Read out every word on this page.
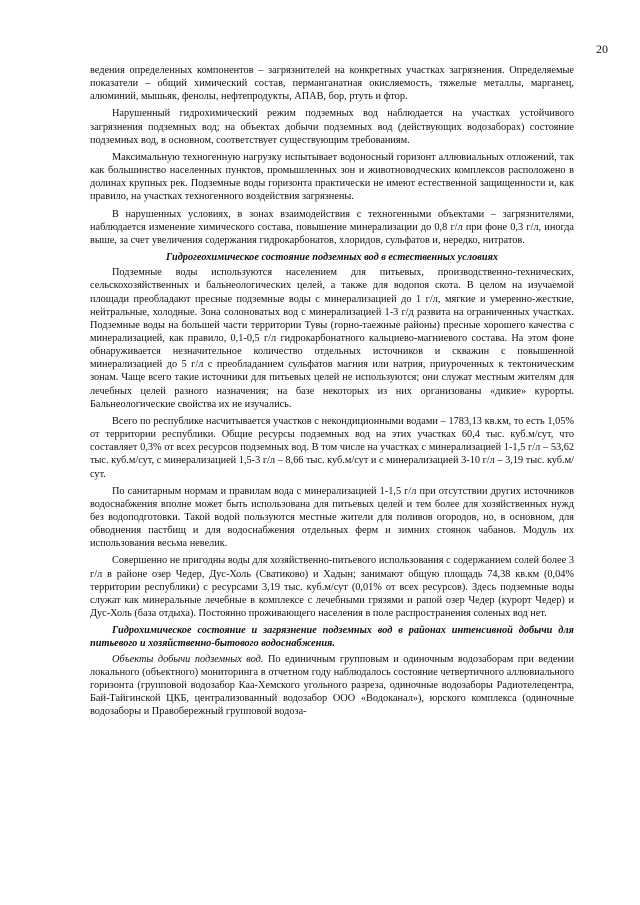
20

ведения определенных компонентов – загрязнителей на конкретных участках загрязнения. Определяемые показатели – общий химический состав, перманганатная окисляемость, тяжелые металлы, марганец, алюминий, мышьяк, фенолы, нефтепродукты, АПАВ, бор, ртуть и фтор.

Нарушенный гидрохимический режим подземных вод наблюдается на участках устойчивого загрязнения подземных вод; на объектах добычи подземных вод (действующих водозаборах) состояние подземных вод, в основном, соответствует существующим требованиям.

Максимальную техногенную нагрузку испытывает водоносный горизонт аллювиальных отложений, так как большинство населенных пунктов, промышленных зон и животноводческих комплексов расположено в долинах крупных рек. Подземные воды горизонта практически не имеют естественной защищенности и, как правило, на участках техногенного воздействия загрязнены.

В нарушенных условиях, в зонах взаимодействия с техногенными объектами – загрязнителями, наблюдается изменение химического состава, повышение минерализации до 0,8 г/л при фоне 0,3 г/л, иногда выше, за счет увеличения содержания гидрокарбонатов, хлоридов, сульфатов и, нередко, нитратов.

Гидрогеохимическое состояние подземных вод в естественных условиях

Подземные воды используются населением для питьевых, производственно-технических, сельскохозяйственных и бальнеологических целей, а также для водопоя скота. В целом на изучаемой площади преобладают пресные подземные воды с минерализацией до 1 г/л, мягкие и умеренно-жесткие, нейтральные, холодные. Зона солоноватых вод с минерализацией 1-3 г/д развита на ограниченных участках. Подземные воды на большей части территории Тувы (горно-таежные районы) пресные хорошего качества с минерализацией, как правило, 0,1-0,5 г/л гидрокарбонатного кальциево-магниевого состава. На этом фоне обнаруживается незначительное количество отдельных источников и скважин с повышенной минерализацией до 5 г/л с преобладанием сульфатов магния или натрия, приуроченных к тектоническим зонам. Чаще всего такие источники для питьевых целей не используются; они служат местным жителям для лечебных целей разного назначения; на базе некоторых из них организованы «дикие» курорты. Бальнеологические свойства их не изучались.

Всего по республике насчитывается участков с некондиционными водами – 1783,13 кв.км, то есть 1,05% от территории республики. Общие ресурсы подземных вод на этих участках 60,4 тыс. куб.м/сут, что составляет 0,3% от всех ресурсов подземных вод. В том числе на участках с минерализацией 1-1,5 г/л – 53,62 тыс. куб.м/сут, с минерализацией 1,5-3 г/л – 8,66 тыс. куб.м/сут и с минерализацией 3-10 г/л – 3,19 тыс. куб.м/сут.

По санитарным нормам и правилам вода с минерализацией 1-1,5 г/л при отсутствии других источников водоснабжения вполне может быть использована для питьевых целей и тем более для хозяйственных нужд без водоподготовки. Такой водой пользуются местные жители для поливов огородов, но, в основном, для обводнения пастбищ и для водоснабжения отдельных ферм и зимних стоянок чабанов. Модуль их использования весьма невелик.

Совершенно не пригодны воды для хозяйственно-питьевого использования с содержанием солей более 3 г/л в районе озер Чедер, Дус-Холь (Сватиково) и Хадын; занимают общую площадь 74,38 кв.км (0,04% территории республики) с ресурсами 3,19 тыс. куб.м/сут (0,01% от всех ресурсов). Здесь подземные воды служат как минеральные лечебные в комплексе с лечебными грязями и рапой озер Чедер (курорт Чедер) и Дус-Холь (база отдыха). Постоянно проживающего населения в поле распространения соленых вод нет.

Гидрохимическое состояние и загрязнение подземных вод в районах интенсивной добычи для питьевого и хозяйственно-бытового водоснабжения.

Объекты добычи подземных вод. По единичным групповым и одиночным водозаборам при ведении локального (объектного) мониторинга в отчетном году наблюдалось состояние четвертичного аллювиального горизонта (групповой водозабор Каа-Хемского угольного разреза, одиночные водозаборы Радиотелецентра, Бай-Тайгинской ЦКБ, централизованный водозабор ООО «Водоканал»), юрского комплекса (одиночные водозаборы и Правобережный групповой водоза-
